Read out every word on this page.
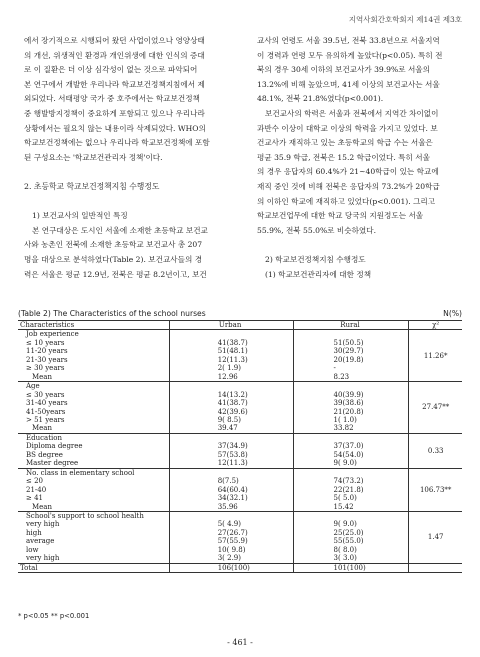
지역사회간호학회지 제14권 제3호

에서 장기적으로 시행되어 왔던 사업이었으나 영양상태

의 개선, 위생적인 환경과 개인위생에 대한 인식의 증대

로 이 질환은 더 이상 심각성이 없는 것으로 파악되어

본 연구에서 개발한 우리나라 학교보건정책지침에서 제

외되었다. 서태평양 국가 중 호주에서는 학교보건정책

중 행발방지정책이 중요하게 포함되고 있으나 우리나라

상황에서는 필요치 않는 내용이라 삭제되었다. WHO의

학교보건정책에는 없으나 우리나라 학교보건정책에 포함

된 구성요소는 '학교보건관리자 정책'이다.

2. 초등학교 학교보건정책지침 수행정도

1) 보건교사의 일반적인 특징

본 연구대상은 도시인 서울에 소재한 초등학교 보건교

사와 농촌인 전북에 소재한 초등학교 보건교사 총 207

명을 대상으로 분석하였다(Table 2). 보건교사들의 경

력은 서울은 평균 12.9년, 전북은 평균 8.2년이고, 보건

교사의 연령도 서울 39.5년, 전북 33.8년으로 서울지역

이 경력과 연령 모두 유의하게 높았다(p<0.05). 특히 전

북의 경우 30세 이하의 보건교사가 39.9%로 서울의

13.2%에 비해 높았으며, 41세 이상의 보건교사는 서울

48.1%, 전북 21.8%였다(p<0.001).

보건교사의 학력은 서울과 전북에서 지역간 차이없이

과반수 이상이 대학교 이상의 학력을 가지고 있었다. 보

건교사가 재직하고 있는 초등학교의 학급 수는 서울은

평균 35.9 학급, 전북은 15.2 학급이었다. 특히 서울

의 경우 응답자의 60.4%가 21~40학급이 있는 학교에

재직 중인 것에 비해 전북은 응답자의 73.2%가 20학급

의 이하인 학교에 재직하고 있었다(p<0.001). 그리고

학교보건업무에 대한 학교 당국의 지원정도는 서울

55.9%, 전북 55.0%로 비슷하였다.

2) 학교보건정책지침 수행정도

(1) 학교보건관리자에 대한 정책

(Table 2) The Characteristics of the school nurses	N(%)
Characteristics	Urban	Rural	χ²
Job experience			11.26*
≤ 10 years	41(38.7)	51(50.5)	
11-20 years	51(48.1)	30(29.7)	
21-30 years	12(11.3)	20(19.8)	
≥ 30 years	2( 1.9)	-	
Mean	12.96	8.23	
Age			27.47**
≤ 30 years	14(13.2)	40(39.9)	
31-40 years	41(38.7)	39(38.6)	
41-50years	42(39.6)	21(20.8)	
> 51 years	9( 8.5)	1( 1.0)	
Mean	39.47	33.82	
Education			0.33
Diploma degree	37(34.9)	37(37.0)	
BS degree	57(53.8)	54(54.0)	
Master degree	12(11.3)	9( 9.0)	
No. class in elementary school			106.73**
≤ 20	8(7.5)	74(73.2)	
21-40	64(60.4)	22(21.8)	
≥ 41	34(32.1)	5( 5.0)	
Mean	35.96	15.42	
School's support to school health			1.47
very high	5( 4.9)	9( 9.0)	
high	27(26.7)	25(25.0)	
average	57(55.9)	55(55.0)	
low	10( 9.8)	8( 8.0)	
very high	3( 2.9)	3( 3.0)	
Total	106(100)	101(100)	
* p<0.05 ** p<0.001
- 461 -
